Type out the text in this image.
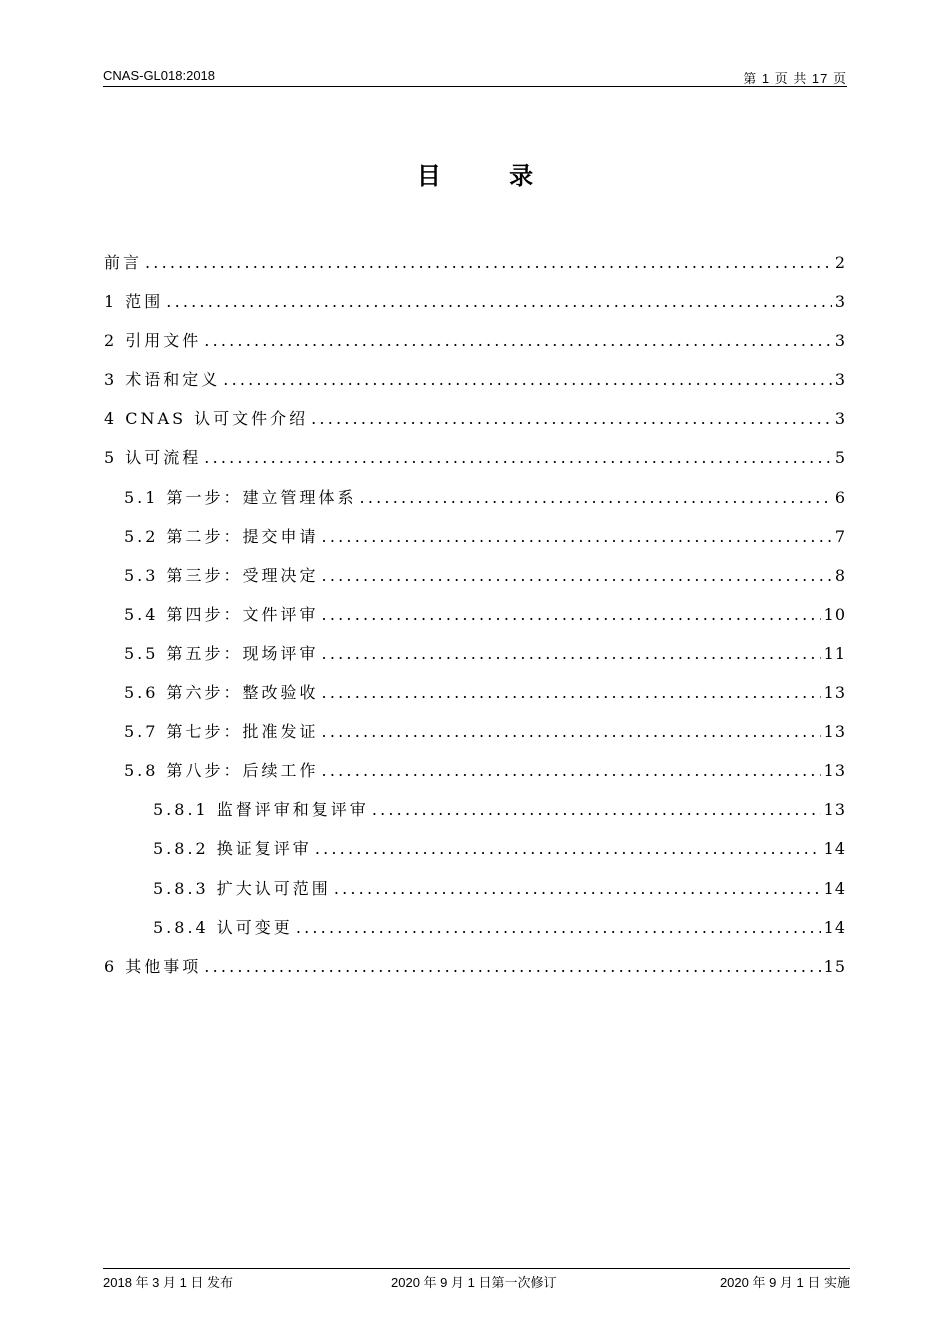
CNAS-GL018:2018	第 1 页 共 17 页
目 录
前言 .....	2
1 范围 .....	3
2 引用文件 .....	3
3 术语和定义 .....	3
4 CNAS 认可文件介绍 .....	3
5 认可流程 .....	5
5.1 第一步：建立管理体系 .....	6
5.2 第二步：提交申请 .....	7
5.3 第三步：受理决定 .....	8
5.4 第四步：文件评审 .....	10
5.5 第五步：现场评审 .....	11
5.6 第六步：整改验收 .....	13
5.7 第七步：批准发证 .....	13
5.8 第八步：后续工作 .....	13
5.8.1 监督评审和复评审 .....	13
5.8.2 换证复评审 .....	14
5.8.3 扩大认可范围 .....	14
5.8.4 认可变更 .....	14
6 其他事项 .....	15
2018 年 3 月 1 日 发布	2020 年 9 月 1 日第一次修订	2020 年 9 月 1 日 实施
